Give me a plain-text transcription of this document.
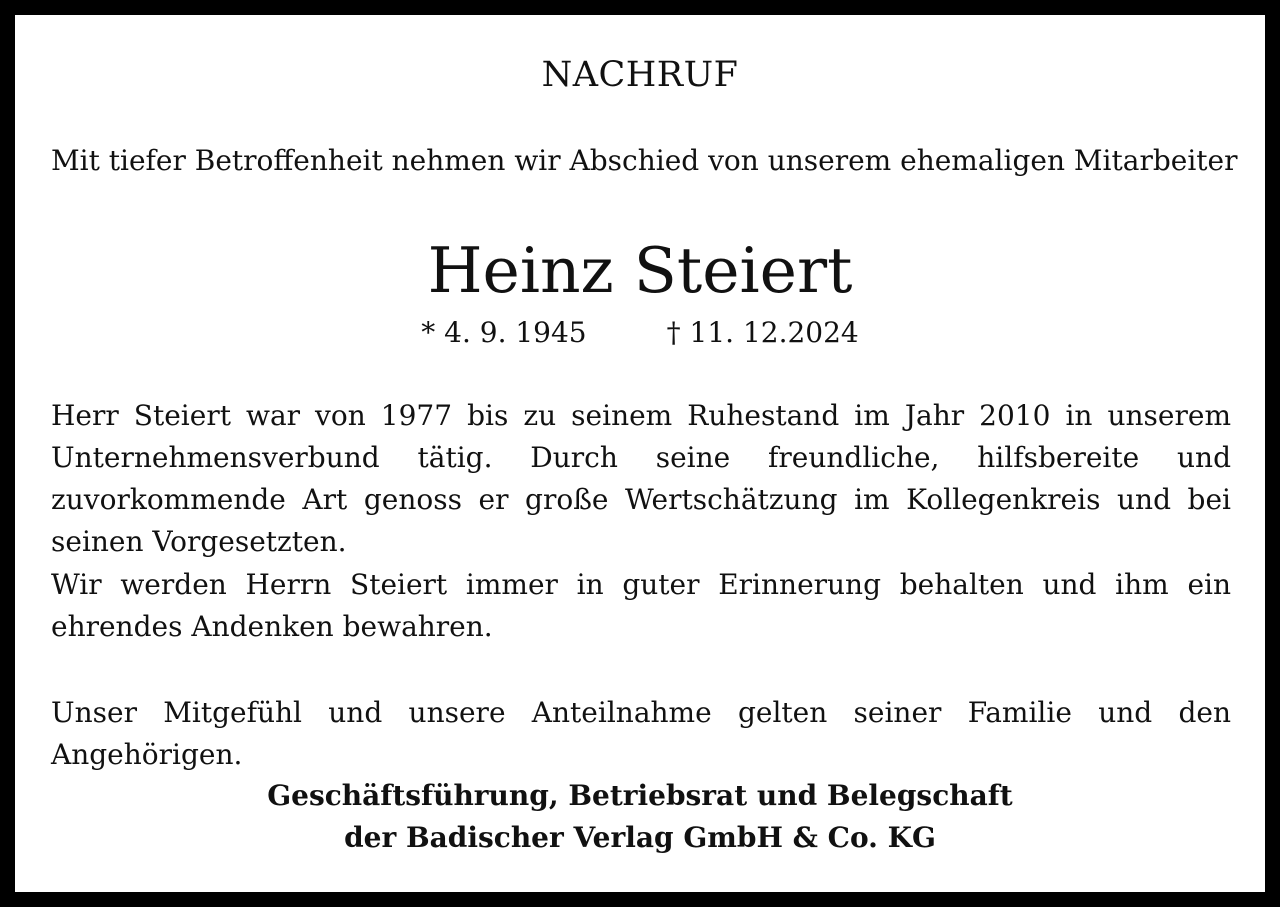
NACHRUF
Mit tiefer Betroffenheit nehmen wir Abschied von unserem ehemaligen Mitarbeiter
Heinz Steiert
* 4. 9. 1945	† 11. 12.2024
Herr Steiert war von 1977 bis zu seinem Ruhestand im Jahr 2010 in unserem Unternehmensverbund tätig. Durch seine freundliche, hilfsbereite und zuvorkommende Art genoss er große Wertschätzung im Kollegenkreis und bei seinen Vorgesetzten.
Wir werden Herrn Steiert immer in guter Erinnerung behalten und ihm ein ehrendes Andenken bewahren.
Unser Mitgefühl und unsere Anteilnahme gelten seiner Familie und den Angehörigen.
Geschäftsführung, Betriebsrat und Belegschaft
der Badischer Verlag GmbH & Co. KG
